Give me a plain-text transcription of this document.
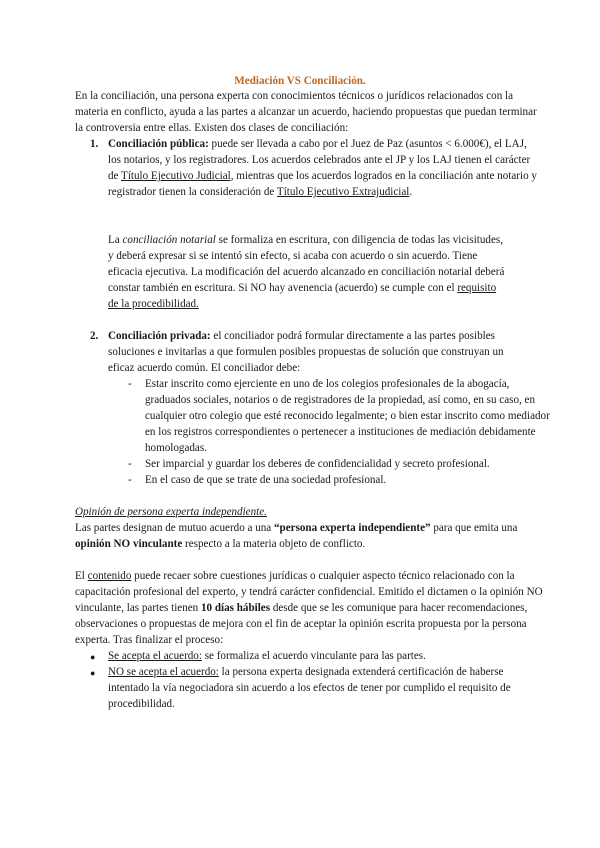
Mediación VS Conciliación.

En la conciliación, una persona experta con conocimientos técnicos o jurídicos relacionados con la materia en conflicto, ayuda a las partes a alcanzar un acuerdo, haciendo propuestas que puedan terminar la controversia entre ellas. Existen dos clases de conciliación:

1. Conciliación pública: puede ser llevada a cabo por el Juez de Paz (asuntos < 6.000€), el LAJ, los notarios, y los registradores. Los acuerdos celebrados ante el JP y los LAJ tienen el carácter de Título Ejecutivo Judicial, mientras que los acuerdos logrados en la conciliación ante notario y registrador tienen la consideración de Título Ejecutivo Extrajudicial.

La conciliación notarial se formaliza en escritura, con diligencia de todas las vicisitudes, y deberá expresar si se intentó sin efecto, si acaba con acuerdo o sin acuerdo. Tiene eficacia ejecutiva. La modificación del acuerdo alcanzado en conciliación notarial deberá constar también en escritura. Si NO hay avenencia (acuerdo) se cumple con el requisito de la procedibilidad.

2. Conciliación privada: el conciliador podrá formular directamente a las partes posibles soluciones e invitarlas a que formulen posibles propuestas de solución que construyan un eficaz acuerdo común. El conciliador debe:

- Estar inscrito como ejerciente en uno de los colegios profesionales de la abogacía, graduados sociales, notarios o de registradores de la propiedad, así como, en su caso, en cualquier otro colegio que esté reconocido legalmente; o bien estar inscrito como mediador en los registros correspondientes o pertenecer a instituciones de mediación debidamente homologadas.

- Ser imparcial y guardar los deberes de confidencialidad y secreto profesional.

- En el caso de que se trate de una sociedad profesional.

Opinión de persona experta independiente.

Las partes designan de mutuo acuerdo a una “persona experta independiente” para que emita una opinión NO vinculante respecto a la materia objeto de conflicto.

El contenido puede recaer sobre cuestiones jurídicas o cualquier aspecto técnico relacionado con la capacitación profesional del experto, y tendrá carácter confidencial. Emitido el dictamen o la opinión NO vinculante, las partes tienen 10 días hábiles desde que se les comunique para hacer recomendaciones, observaciones o propuestas de mejora con el fin de aceptar la opinión escrita propuesta por la persona experta. Tras finalizar el proceso:

● Se acepta el acuerdo: se formaliza el acuerdo vinculante para las partes.

● NO se acepta el acuerdo: la persona experta designada extenderá certificación de haberse intentado la vía negociadora sin acuerdo a los efectos de tener por cumplido el requisito de procedibilidad.
